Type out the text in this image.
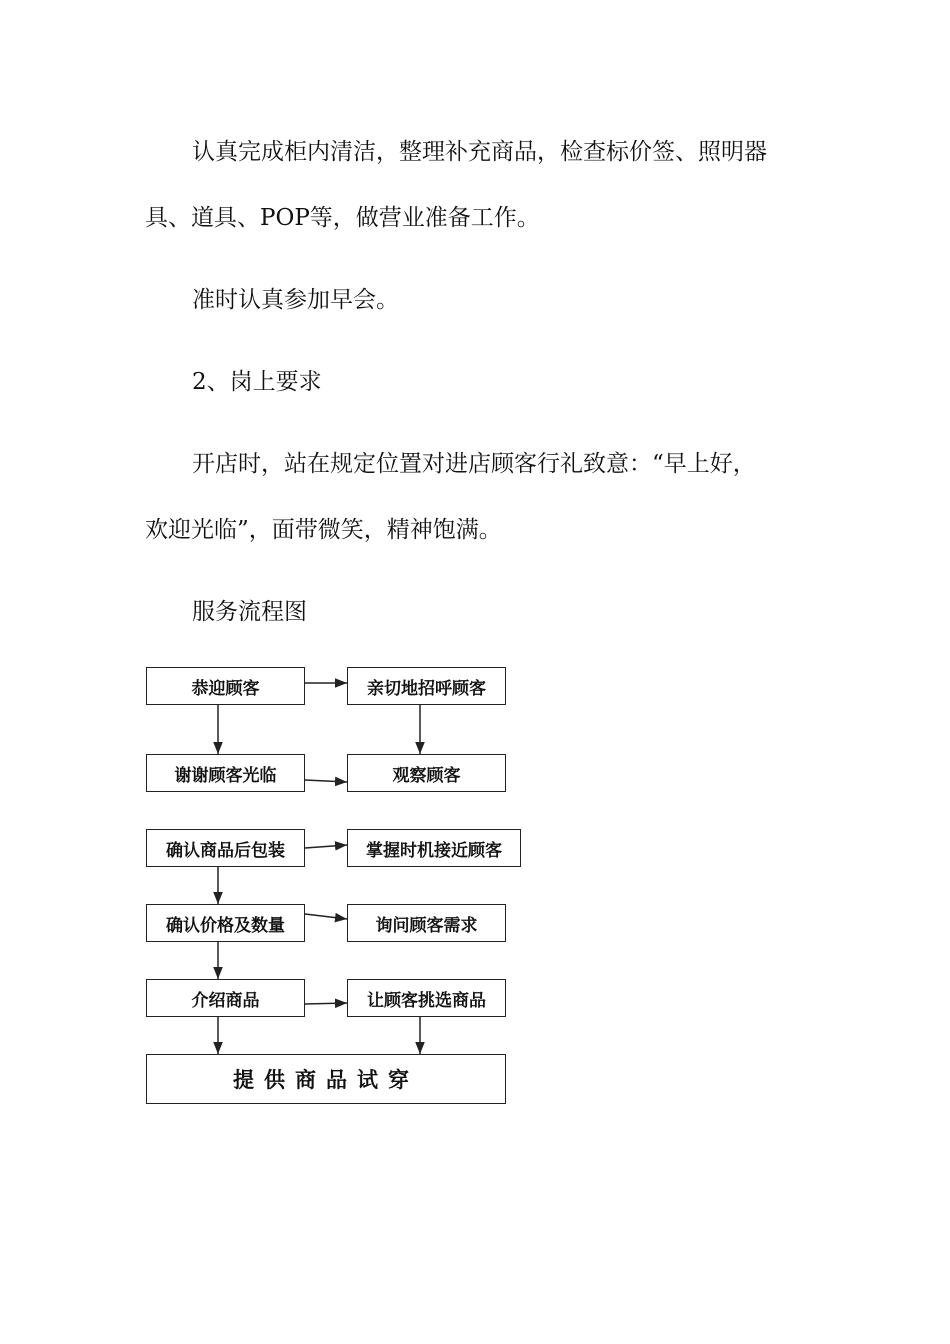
认真完成柜内清洁，整理补充商品，检查标价签、照明器

具、道具、POP等，做营业准备工作。

准时认真参加早会。

2、岗上要求

开店时，站在规定位置对进店顾客行礼致意：“早上好，

欢迎光临”，面带微笑，精神饱满。

服务流程图

恭迎顾客
谢谢顾客光临
确认商品后包装
确认价格及数量
介绍商品
亲切地招呼顾客
观察顾客
掌握时机接近顾客
询问顾客需求
让顾客挑选商品
提供商品试穿
